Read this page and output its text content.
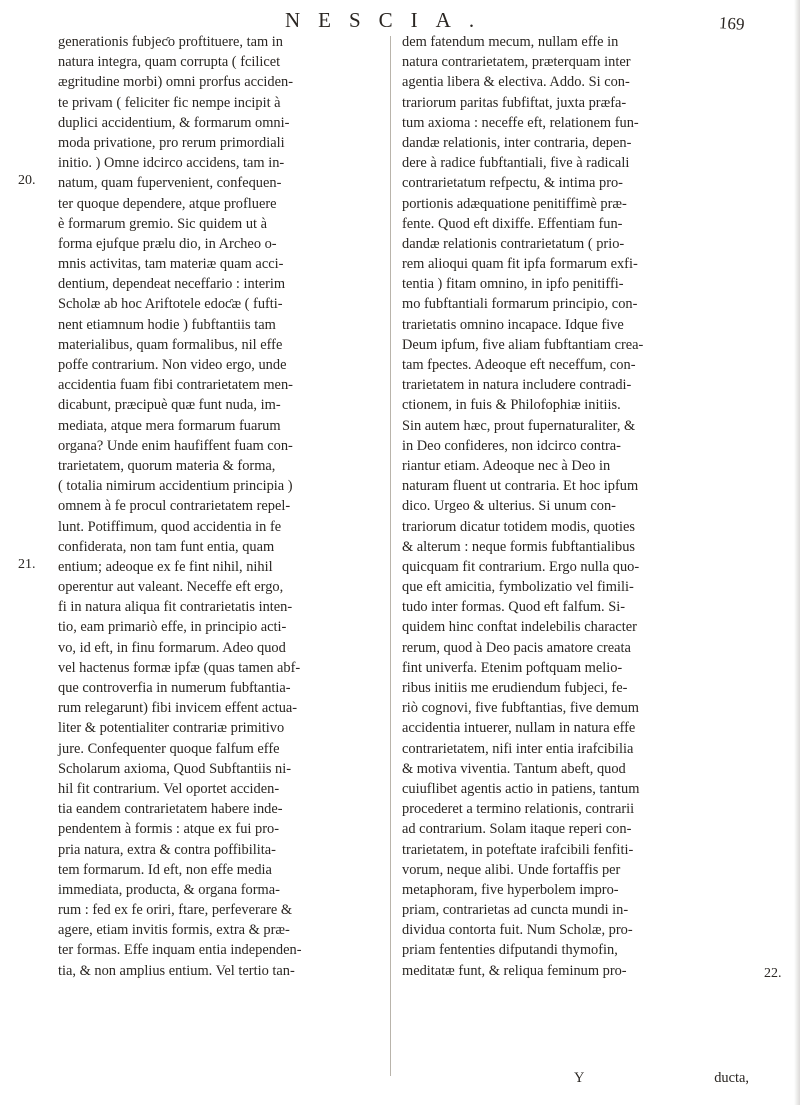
NESCIA.	169
20.
21.
22.
generationis fubjeƈo proftituere, tam in
natura integra, quam corrupta ( fcilicet
ægritudine morbi) omni prorfus acciden-
te privam ( feliciter fic nempe incipit à
duplici accidentium, & formarum omni-
moda privatione, pro rerum primordiali
initio. ) Omne idcirco accidens, tam in-
natum, quam fupervenient, confequen-
ter quoque dependere, atque profluere
è formarum gremio. Sic quidem ut à
forma ejufque prælu dio, in Archeo o-
mnis activitas, tam materiæ quam acci-
dentium, dependeat neceffario : interim
Scholæ ab hoc Ariftotele edoƈæ ( fufti-
nent etiamnum hodie ) fubftantiis tam
materialibus, quam formalibus, nil effe
poffe contrarium. Non video ergo, unde
accidentia fuam fibi contrarietatem men-
dicabunt, præcipuè quæ funt nuda, im-
mediata, atque mera formarum fuarum
organa? Unde enim haufiffent fuam con-
trarietatem, quorum materia & forma,
( totalia nimirum accidentium principia )
omnem à fe procul contrarietatem repel-
lunt. Potiffimum, quod accidentia in fe
confiderata, non tam funt entia, quam
entium; adeoque ex fe fint nihil, nihil
operentur aut valeant. Neceffe eft ergo,
fi in natura aliqua fit contrarietatis inten-
tio, eam primariò effe, in principio acti-
vo, id eft, in finu formarum. Adeo quod
vel hactenus formæ ipfæ (quas tamen abf-
que controverfia in numerum fubftantia-
rum relegarunt) fibi invicem effent actua-
liter & potentialiter contrariæ primitivo
jure. Confequenter quoque falfum effe
Scholarum axioma, Quod Subftantiis ni-
hil fit contrarium. Vel oportet acciden-
tia eandem contrarietatem habere inde-
pendentem à formis : atque ex fui pro-
pria natura, extra & contra poffibilita-
tem formarum. Id eft, non effe media
immediata, producta, & organa forma-
rum : fed ex fe oriri, ftare, perfeverare &
agere, etiam invitis formis, extra & præ-
ter formas. Effe inquam entia independen-
tia, & non amplius entium. Vel tertio tan-
dem fatendum mecum, nullam effe in
natura contrarietatem, præterquam inter
agentia libera & electiva. Addo. Si con-
trariorum paritas fubfiftat, juxta præfa-
tum axioma : neceffe eft, relationem fun-
dandæ relationis, inter contraria, depen-
dere à radice fubftantiali, five à radicali
contrarietatum refpectu, & intima pro-
portionis adæquatione penitiffimè præ-
fente. Quod eft dixiffe. Effentiam fun-
dandæ relationis contrarietatum ( prio-
rem alioqui quam fit ipfa formarum exfi-
tentia ) fitam omnino, in ipfo penitiffi-
mo fubftantiali formarum principio, con-
trarietatis omnino incapace. Idque five
Deum ipfum, five aliam fubftantiam crea-
tam fpectes. Adeoque eft neceffum, con-
trarietatem in natura includere contradi-
ctionem, in fuis & Philofophiæ initiis.
Sin autem hæc, prout fupernaturaliter, &
in Deo confideres, non idcirco contra-
riantur etiam. Adeoque nec à Deo in
naturam fluent ut contraria. Et hoc ipfum
dico. Urgeo & ulterius. Si unum con-
trariorum dicatur totidem modis, quoties
& alterum : neque formis fubftantialibus
quicquam fit contrarium. Ergo nulla quo-
que eft amicitia, fymbolizatio vel fimili-
tudo inter formas. Quod eft falfum. Si-
quidem hinc conftat indelebilis character
rerum, quod à Deo pacis amatore creata
fint univerfa. Etenim poftquam melio-
ribus initiis me erudiendum fubjeci, fe-
riò cognovi, five fubftantias, five demum
accidentia intuerer, nullam in natura effe
contrarietatem, nifi inter entia irafcibilia
& motiva viventia. Tantum abeft, quod
cuiuflibet agentis actio in patiens, tantum
procederet a termino relationis, contrarii
ad contrarium. Solam itaque reperi con-
trarietatem, in poteftate irafcibili fenfiti-
vorum, neque alibi. Unde fortaffis per
metaphoram, five hyperbolem impro-
priam, contrarietas ad cuncta mundi in-
dividua contorta fuit. Num Scholæ, pro-
priam fententies difputandi thymofin,
meditatæ funt, & reliqua feminum pro-
Y	ducta,
